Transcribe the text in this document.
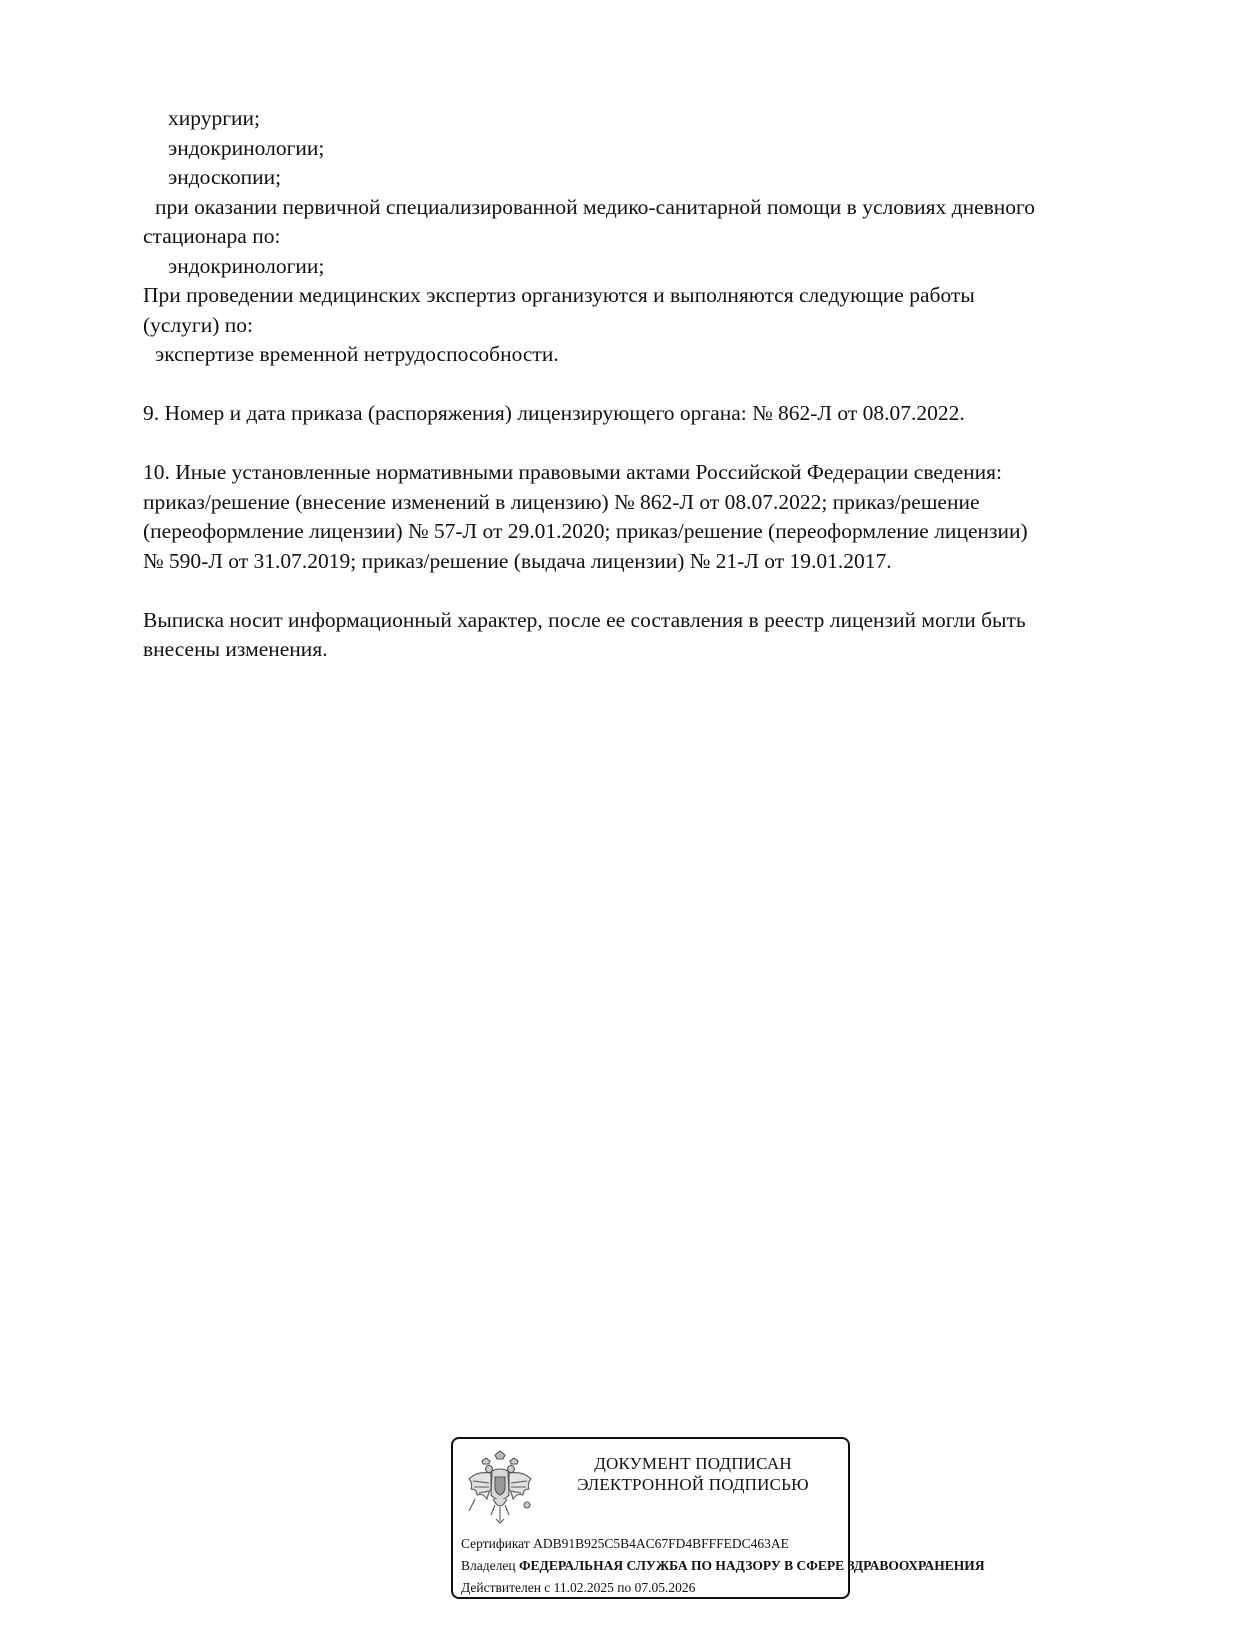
хирургии;
эндокринологии;
эндоскопии;
при оказании первичной специализированной медико-санитарной помощи в условиях дневного
стационара по:
эндокринологии;
При проведении медицинских экспертиз организуются и выполняются следующие работы
(услуги) по:
экспертизе временной нетрудоспособности.
9. Номер и дата приказа (распоряжения) лицензирующего органа: № 862-Л от 08.07.2022.
10. Иные установленные нормативными правовыми актами Российской Федерации сведения:
приказ/решение (внесение изменений в лицензию) № 862-Л от 08.07.2022; приказ/решение
(переоформление лицензии) № 57-Л от 29.01.2020; приказ/решение (переоформление лицензии)
№ 590-Л от 31.07.2019; приказ/решение (выдача лицензии) № 21-Л от 19.01.2017.
Выписка носит информационный характер, после ее составления в реестр лицензий могли быть
внесены изменения.
ДОКУМЕНТ ПОДПИСАН
ЭЛЕКТРОННОЙ ПОДПИСЬЮ
Сертификат ADB91B925C5B4AC67FD4BFFFEDC463AE
Владелец ФЕДЕРАЛЬНАЯ СЛУЖБА ПО НАДЗОРУ В СФЕРЕ ЗДРАВООХРАНЕНИЯ
Действителен с 11.02.2025 по 07.05.2026
